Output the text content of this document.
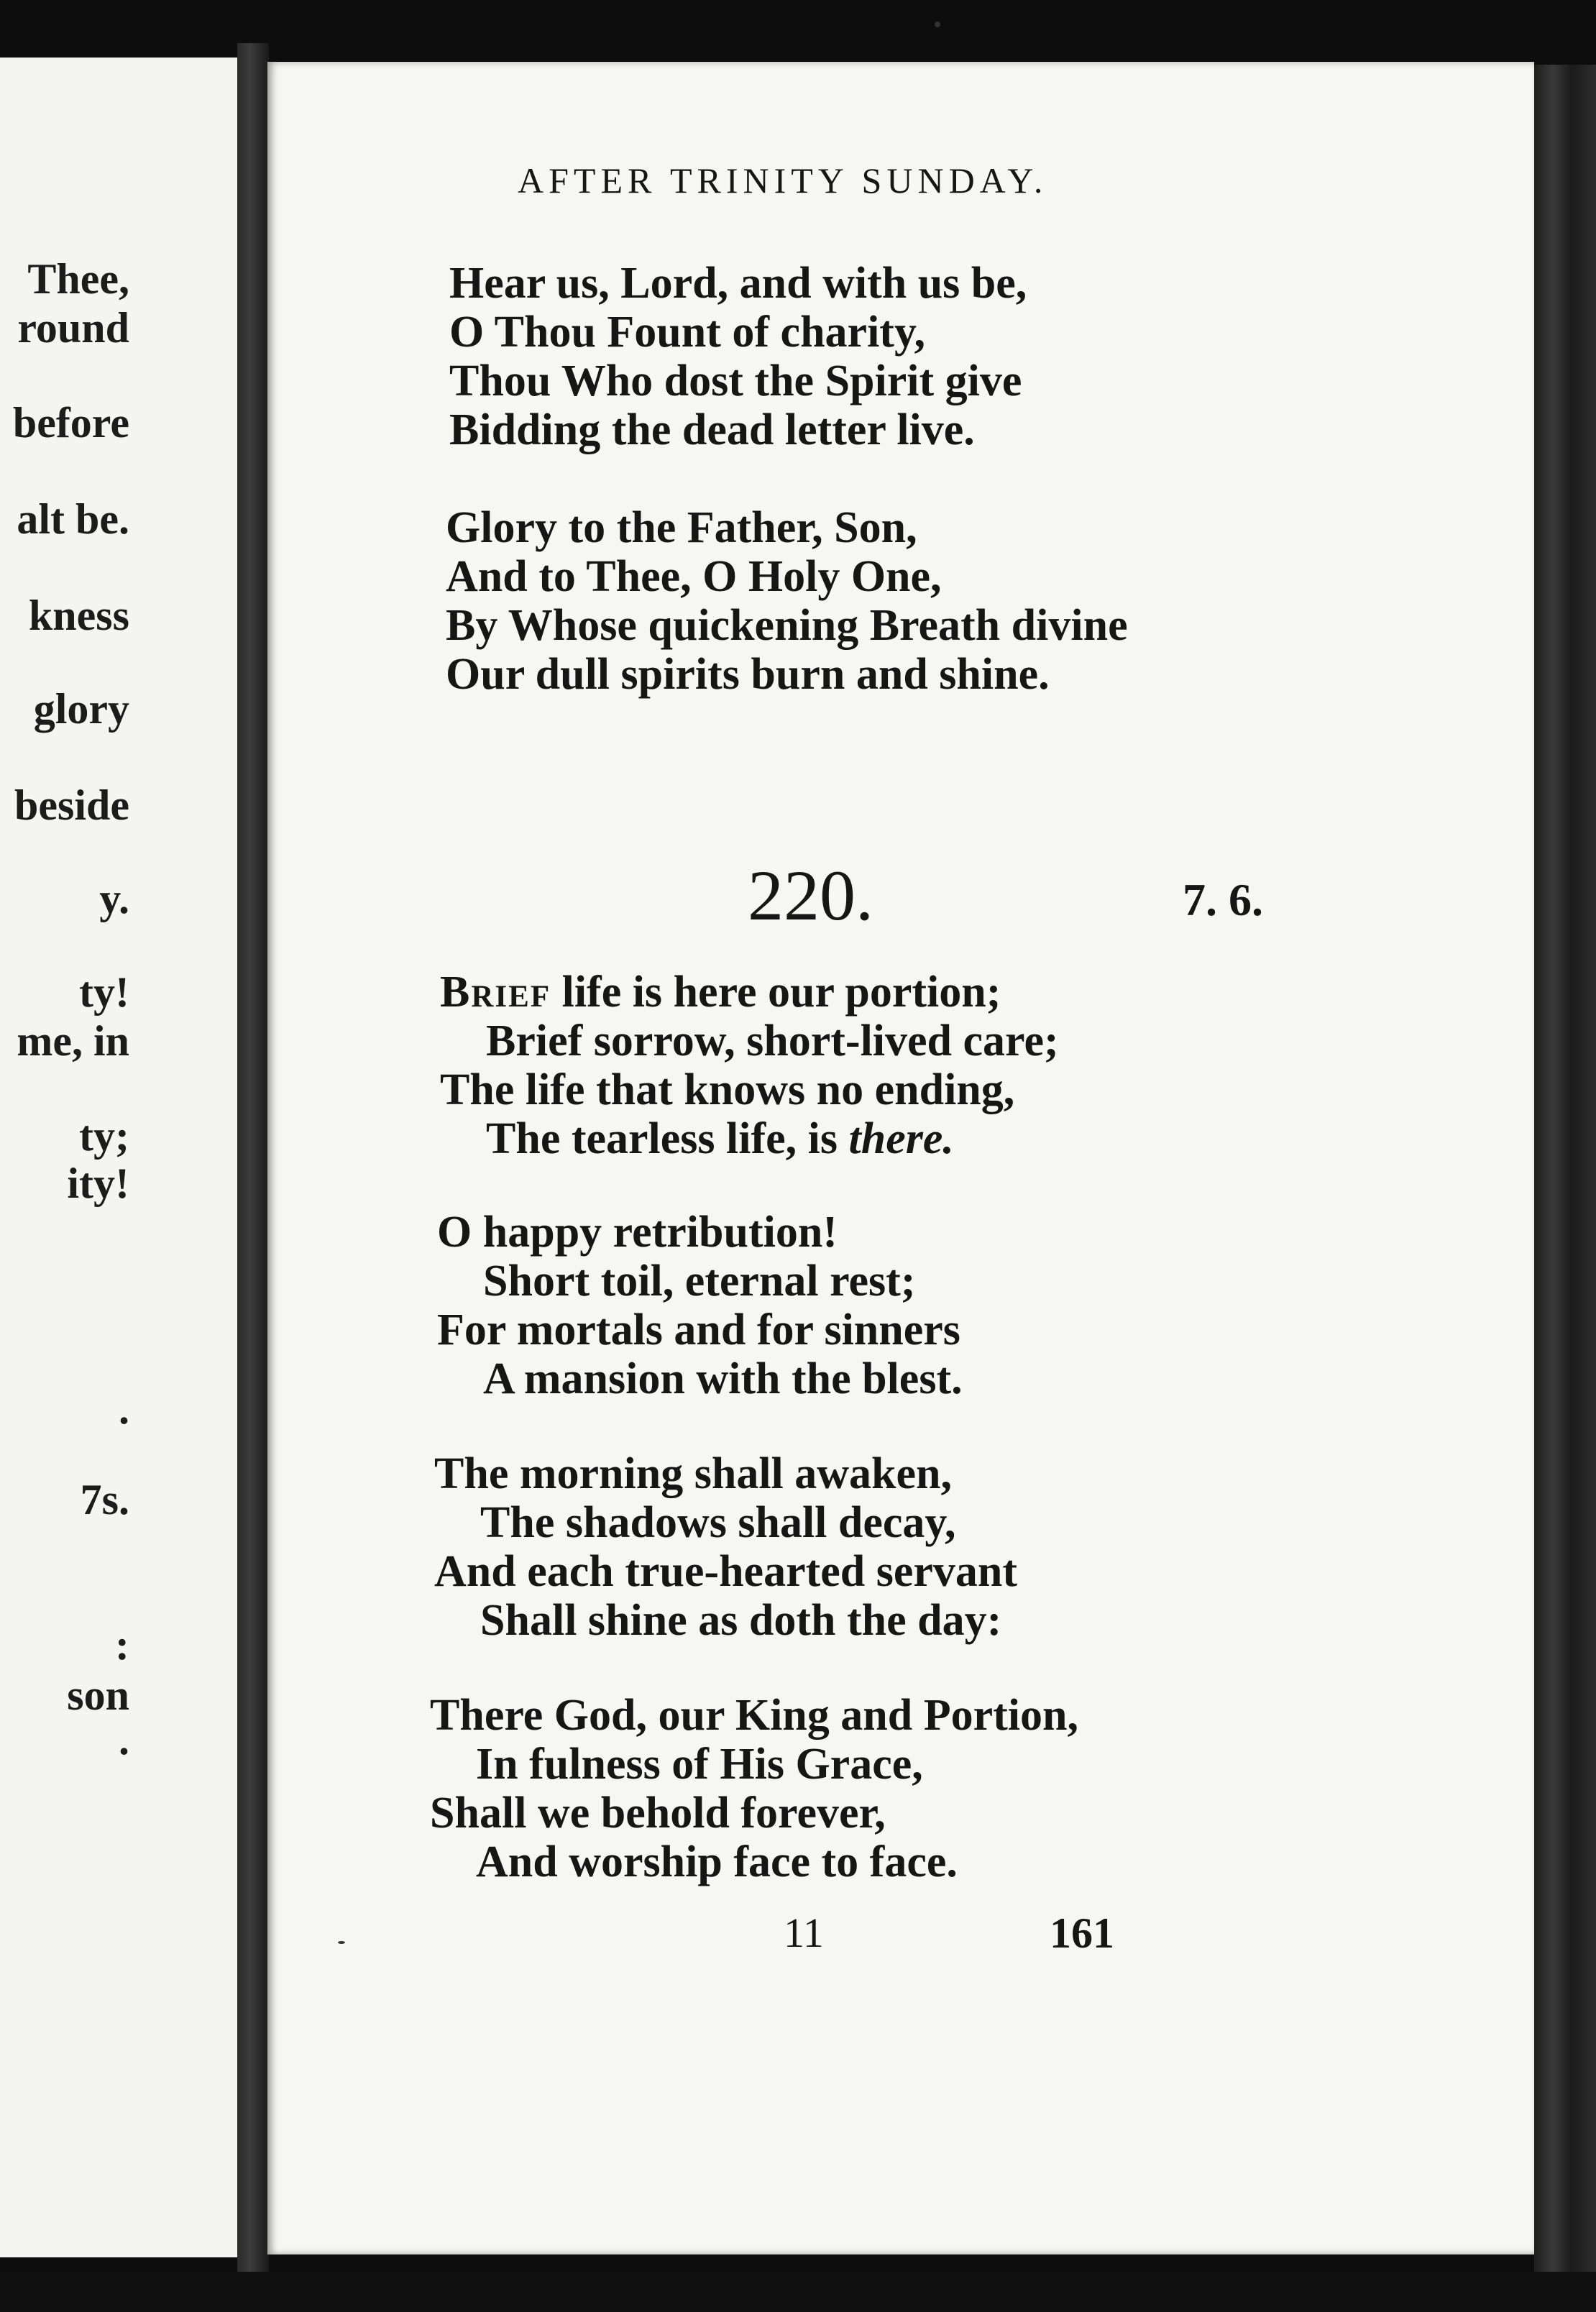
Thee,
round
before
alt be.
kness
glory
beside
y.
ty!
me, in
ty;
ity!
.
7s.
:
son
.
AFTER TRINITY SUNDAY.
Hear us, Lord, and with us be,
O Thou Fount of charity,
Thou Who dost the Spirit give
Bidding the dead letter live.
Glory to the Father, Son,
And to Thee, O Holy One,
By Whose quickening Breath divine
Our dull spirits burn and shine.
220.	7. 6.
Brief life is here our portion;
Brief sorrow, short-lived care;
The life that knows no ending,
The tearless life, is there.
O happy retribution!
Short toil, eternal rest;
For mortals and for sinners
A mansion with the blest.
The morning shall awaken,
The shadows shall decay,
And each true-hearted servant
Shall shine as doth the day:
There God, our King and Portion,
In fulness of His Grace,
Shall we behold forever,
And worship face to face.
11	161
